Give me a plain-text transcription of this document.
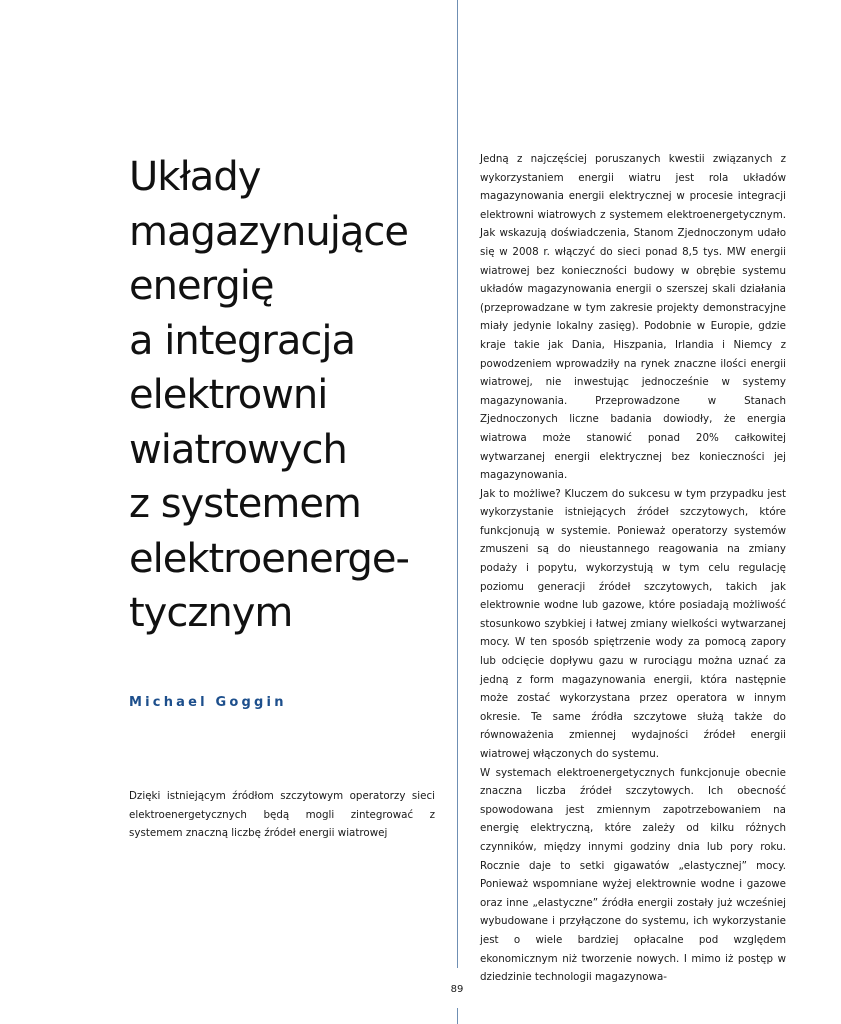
Układy
magazynujące
energię
a integracja
elektrowni
wiatrowych
z systemem
elektroenerge-
tycznym
Michael Goggin
Dzięki istniejącym źródłom szczytowym operatorzy sieci elektroenergetycznych będą mogli zintegrować z systemem znaczną liczbę źródeł energii wiatrowej

Jedną z najczęściej poruszanych kwestii związanych z wykorzystaniem energii wiatru jest rola układów magazynowania energii elektrycznej w procesie integracji elektrowni wiatrowych z systemem elektroenergetycznym. Jak wskazują doświadczenia, Stanom Zjednoczonym udało się w 2008 r. włączyć do sieci ponad 8,5 tys. MW energii wiatrowej bez konieczności budowy w obrębie systemu układów magazynowania energii o szerszej skali działania (przeprowadzane w tym zakresie projekty demonstracyjne miały jedynie lokalny zasięg). Podobnie w Europie, gdzie kraje takie jak Dania, Hiszpania, Irlandia i Niemcy z powodzeniem wprowadziły na rynek znaczne ilości energii wiatrowej, nie inwestując jednocześnie w systemy magazynowania. Przeprowadzone w Stanach Zjednoczonych liczne badania dowiodły, że energia wiatrowa może stanowić ponad 20% całkowitej wytwarzanej energii elektrycznej bez konieczności jej magazynowania.

Jak to możliwe? Kluczem do sukcesu w tym przypadku jest wykorzystanie istniejących źródeł szczytowych, które funkcjonują w systemie. Ponieważ operatorzy systemów zmuszeni są do nieustannego reagowania na zmiany podaży i popytu, wykorzystują w tym celu regulację poziomu generacji źródeł szczytowych, takich jak elektrownie wodne lub gazowe, które posiadają możliwość stosunkowo szybkiej i łatwej zmiany wielkości wytwarzanej mocy. W ten sposób spiętrzenie wody za pomocą zapory lub odcięcie dopływu gazu w rurociągu można uznać za jedną z form magazynowania energii, która następnie może zostać wykorzystana przez operatora w innym okresie. Te same źródła szczytowe służą także do równoważenia zmiennej wydajności źródeł energii wiatrowej włączonych do systemu.

W systemach elektroenergetycznych funkcjonuje obecnie znaczna liczba źródeł szczytowych. Ich obecność spowodowana jest zmiennym zapotrzebowaniem na energię elektryczną, które zależy od kilku różnych czynników, między innymi godziny dnia lub pory roku. Rocznie daje to setki gigawatów „elastycznej” mocy. Ponieważ wspomniane wyżej elektrownie wodne i gazowe oraz inne „elastyczne” źródła energii zostały już wcześniej wybudowane i przyłączone do systemu, ich wykorzystanie jest o wiele bardziej opłacalne pod względem ekonomicznym niż tworzenie nowych. I mimo iż postęp w dziedzinie technologii magazynowa-

89
